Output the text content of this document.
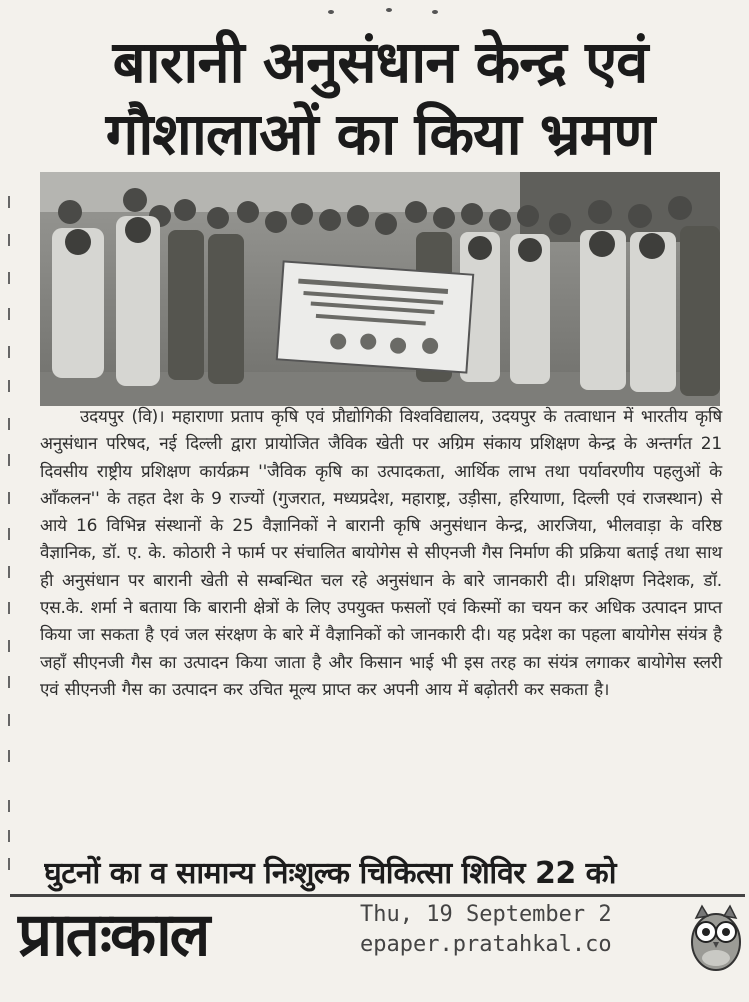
बारानी अनुसंधान केन्द्र एवं
गौशालाओं का किया भ्रमण
उदयपुर (वि)। महाराणा प्रताप कृषि एवं प्रौद्योगिकी विश्वविद्यालय, उदयपुर के तत्वाधान में भारतीय कृषि अनुसंधान परिषद, नई दिल्ली द्वारा प्रायोजित जैविक खेती पर अग्रिम संकाय प्रशिक्षण केन्द्र के अन्तर्गत 21 दिवसीय राष्ट्रीय प्रशिक्षण कार्यक्रम ''जैविक कृषि का उत्पादकता, आर्थिक लाभ तथा पर्यावरणीय पहलुओं के आँकलन'' के तहत देश के 9 राज्यों (गुजरात, मध्यप्रदेश, महाराष्ट्र, उड़ीसा, हरियाणा, दिल्ली एवं राजस्थान) से आये 16 विभिन्न संस्थानों के 25 वैज्ञानिकों ने बारानी कृषि अनुसंधान केन्द्र, आरजिया, भीलवाड़ा के वरिष्ठ वैज्ञानिक, डॉ. ए. के. कोठारी ने फार्म पर संचालित बायोगेस से सीएनजी गैस निर्माण की प्रक्रिया बताई तथा साथ ही अनुसंधान पर बारानी खेती से सम्बन्धित चल रहे अनुसंधान के बारे जानकारी दी। प्रशिक्षण निदेशक, डॉ. एस.के. शर्मा ने बताया कि बारानी क्षेत्रों के लिए उपयुक्त फसलों एवं किस्मों का चयन कर अधिक उत्पादन प्राप्त किया जा सकता है एवं जल संरक्षण के बारे में वैज्ञानिकों को जानकारी दी। यह प्रदेश का पहला बायोगेस संयंत्र है जहाँ सीएनजी गैस का उत्पादन किया जाता है और किसान भाई भी इस तरह का संयंत्र लगाकर बायोगेस स्लरी एवं सीएनजी गैस का उत्पादन कर उचित मूल्य प्राप्त कर अपनी आय में बढ़ोतरी कर सकता है।
घुटनों का व सामान्य निःशुल्क चिकित्सा शिविर 22 को
प्रातःकाल	Thu, 19 September 2
epaper.pratahkal.co
